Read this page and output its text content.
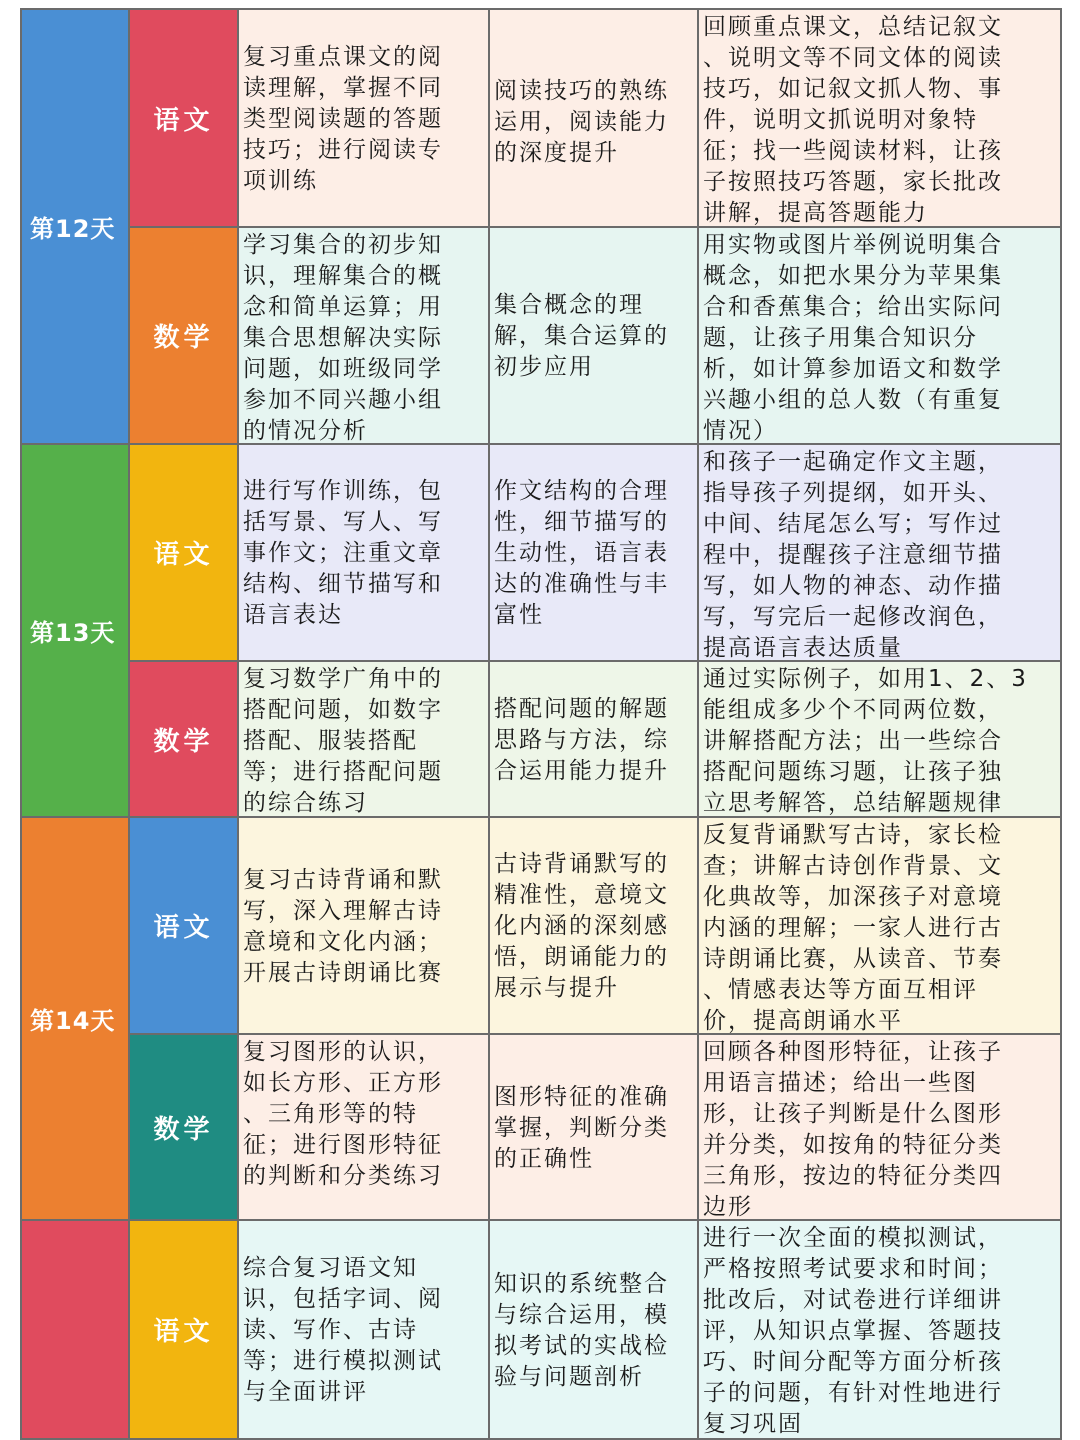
第12天
第13天
第14天
语文
复习重点课文的阅
读理解，掌握不同
类型阅读题的答题
技巧；进行阅读专
项训练
阅读技巧的熟练
运用，阅读能力
的深度提升
回顾重点课文，总结记叙文
、说明文等不同文体的阅读
技巧，如记叙文抓人物、事
件，说明文抓说明对象特
征；找一些阅读材料，让孩
子按照技巧答题，家长批改
讲解，提高答题能力
数学
学习集合的初步知
识，理解集合的概
念和简单运算；用
集合思想解决实际
问题，如班级同学
参加不同兴趣小组
的情况分析
集合概念的理
解，集合运算的
初步应用
用实物或图片举例说明集合
概念，如把水果分为苹果集
合和香蕉集合；给出实际问
题，让孩子用集合知识分
析，如计算参加语文和数学
兴趣小组的总人数（有重复
情况）
语文
进行写作训练，包
括写景、写人、写
事作文；注重文章
结构、细节描写和
语言表达
作文结构的合理
性，细节描写的
生动性，语言表
达的准确性与丰
富性
和孩子一起确定作文主题，
指导孩子列提纲，如开头、
中间、结尾怎么写；写作过
程中，提醒孩子注意细节描
写，如人物的神态、动作描
写，写完后一起修改润色，
提高语言表达质量
数学
复习数学广角中的
搭配问题，如数字
搭配、服装搭配
等；进行搭配问题
的综合练习
搭配问题的解题
思路与方法，综
合运用能力提升
通过实际例子，如用1、2、3
能组成多少个不同两位数，
讲解搭配方法；出一些综合
搭配问题练习题，让孩子独
立思考解答，总结解题规律
语文
复习古诗背诵和默
写，深入理解古诗
意境和文化内涵；
开展古诗朗诵比赛
古诗背诵默写的
精准性，意境文
化内涵的深刻感
悟，朗诵能力的
展示与提升
反复背诵默写古诗，家长检
查；讲解古诗创作背景、文
化典故等，加深孩子对意境
内涵的理解；一家人进行古
诗朗诵比赛，从读音、节奏
、情感表达等方面互相评
价，提高朗诵水平
数学
复习图形的认识，
如长方形、正方形
、三角形等的特
征；进行图形特征
的判断和分类练习
图形特征的准确
掌握，判断分类
的正确性
回顾各种图形特征，让孩子
用语言描述；给出一些图
形，让孩子判断是什么图形
并分类，如按角的特征分类
三角形，按边的特征分类四
边形
语文
综合复习语文知
识，包括字词、阅
读、写作、古诗
等；进行模拟测试
与全面讲评
知识的系统整合
与综合运用，模
拟考试的实战检
验与问题剖析
进行一次全面的模拟测试，
严格按照考试要求和时间；
批改后，对试卷进行详细讲
评，从知识点掌握、答题技
巧、时间分配等方面分析孩
子的问题，有针对性地进行
复习巩固
